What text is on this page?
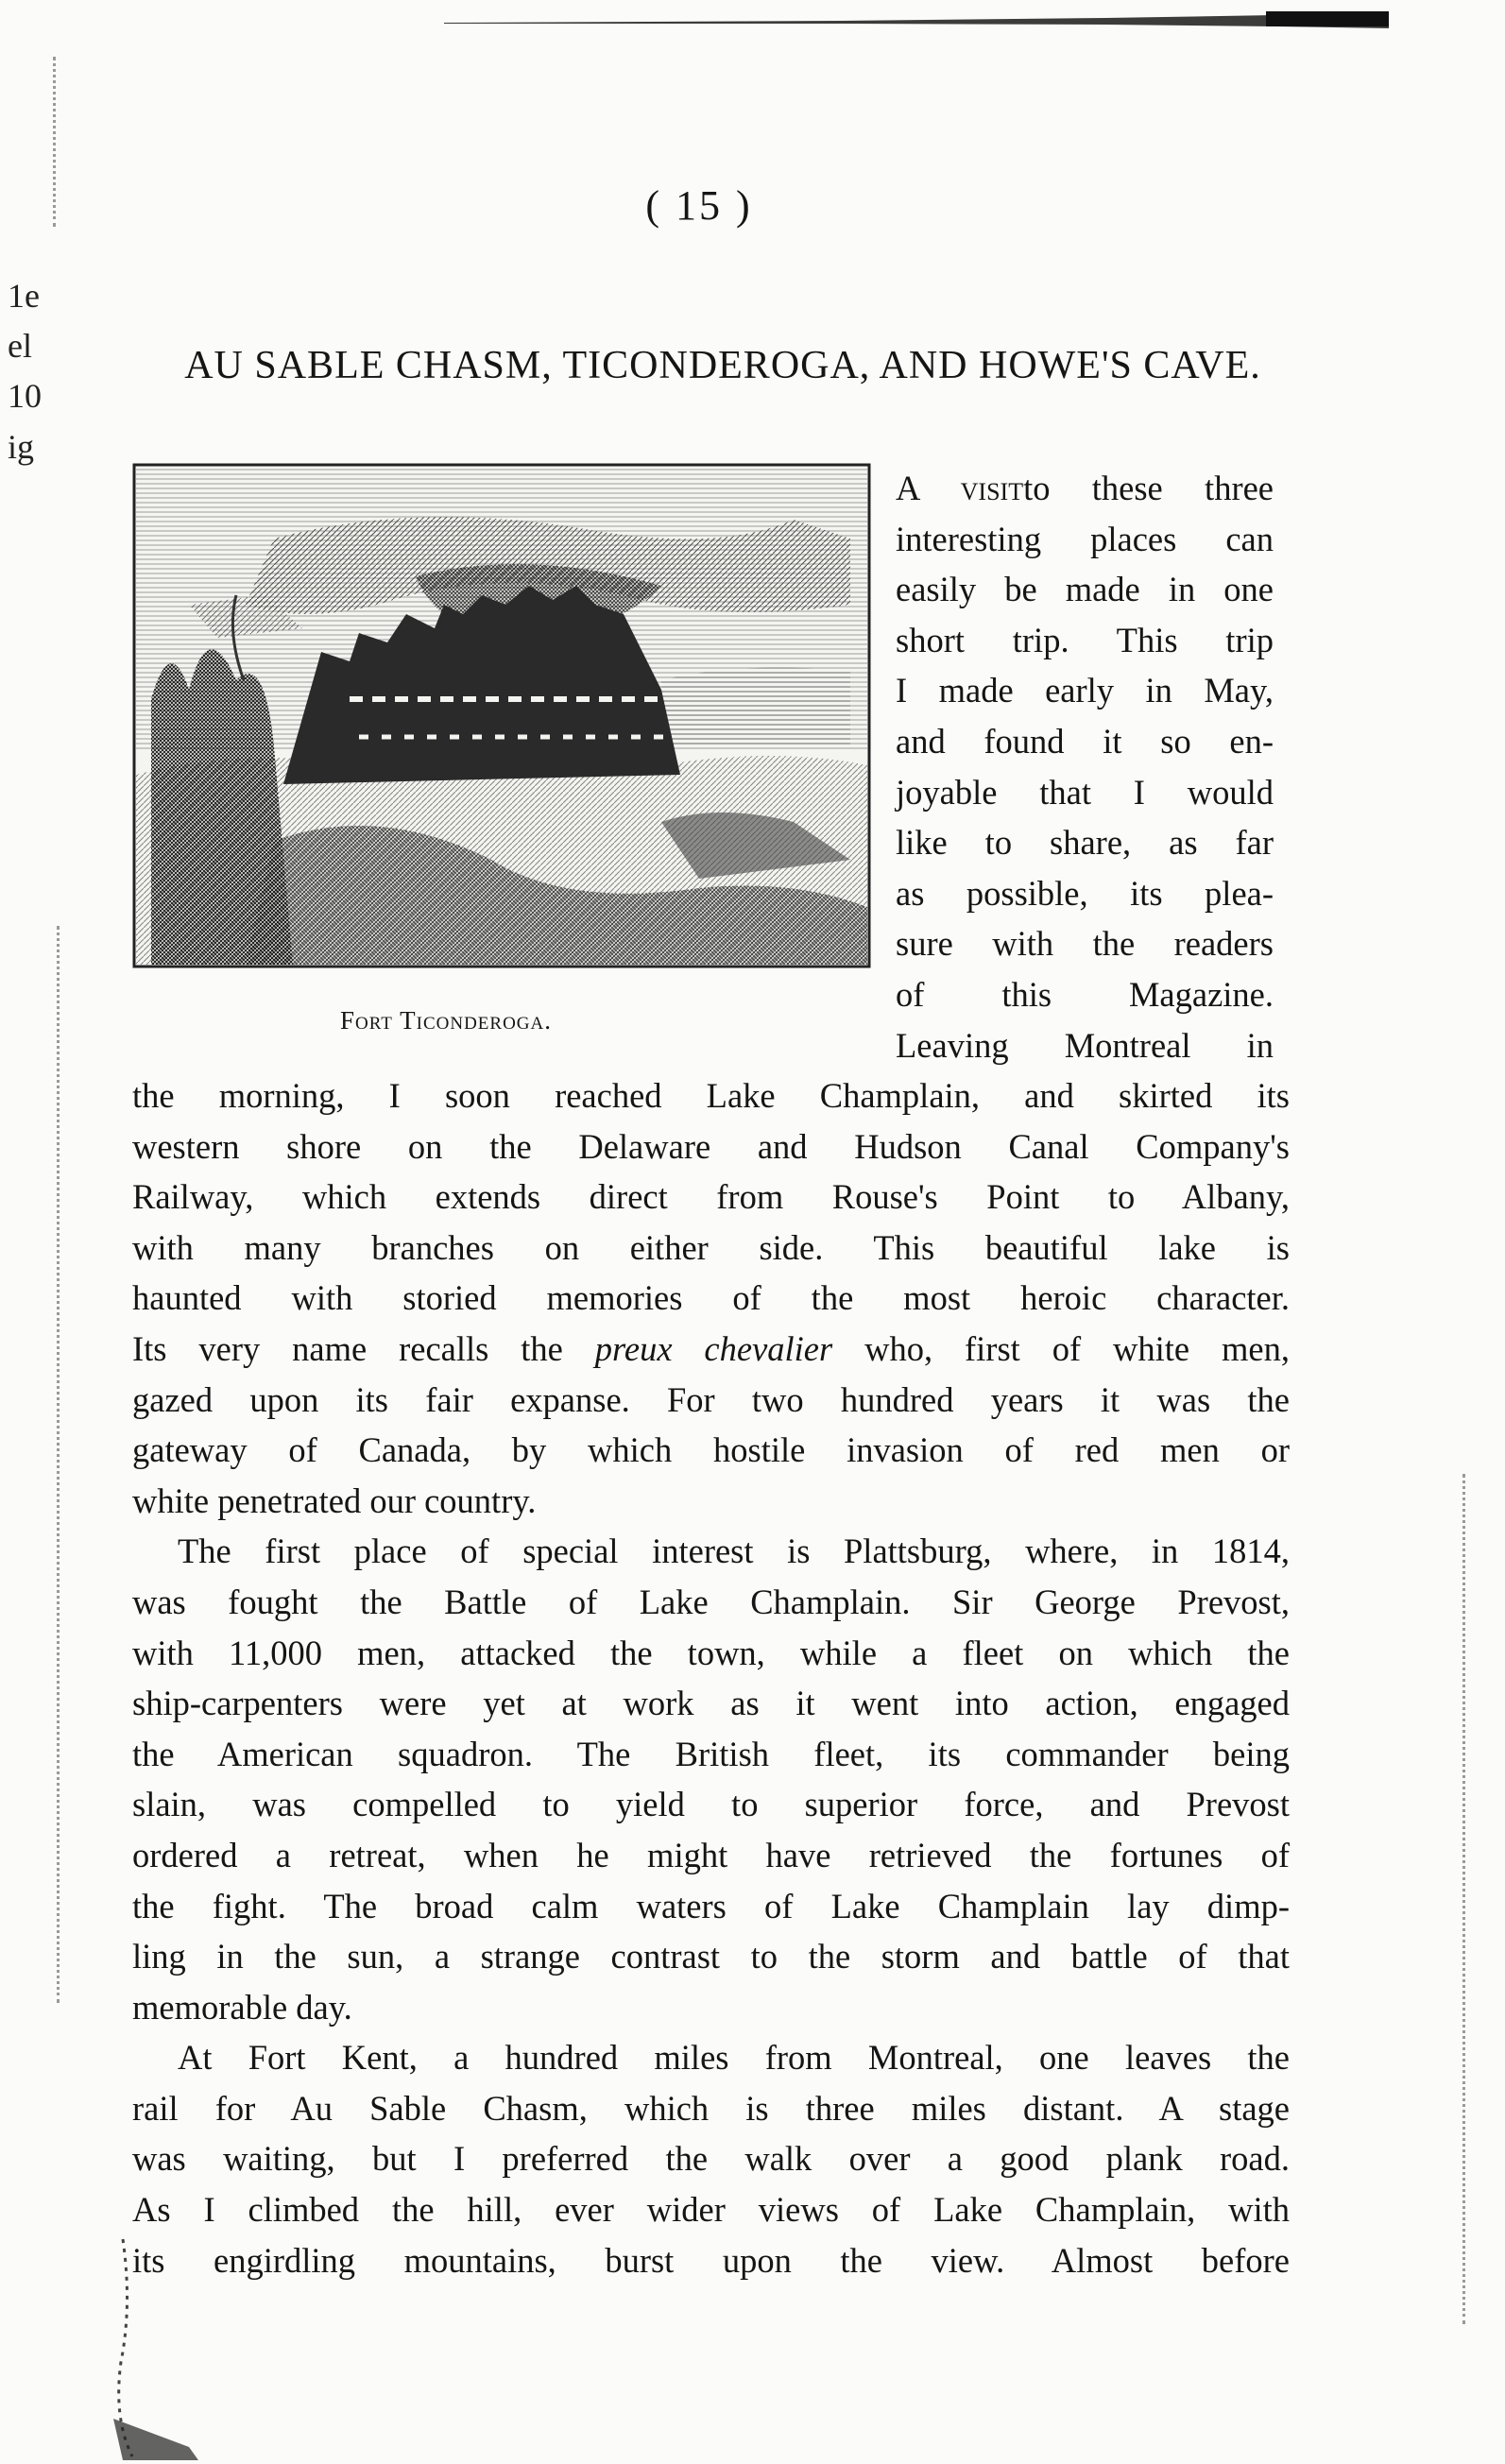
1e
el
10
ig
( 15 )
AU SABLE CHASM, TICONDEROGA, AND HOWE'S CAVE.
Fort Ticonderoga.
A visitto these three
interesting places can
easily be made in one
short trip. This trip
I made early in May,
and found it so en-
joyable that I would
like to share, as far
as possible, its plea-
sure with the readers
of this Magazine.
Leaving Montreal in
the morning, I soon reached Lake Champlain, and skirted its
western shore on the Delaware and Hudson Canal Company's
Railway, which extends direct from Rouse's Point to Albany,
with many branches on either side. This beautiful lake is
haunted with storied memories of the most heroic character.
Its very name recalls the preux chevalier who, first of white men,
gazed upon its fair expanse. For two hundred years it was the
gateway of Canada, by which hostile invasion of red men or
white penetrated our country.
The first place of special interest is Plattsburg, where, in 1814,
was fought the Battle of Lake Champlain. Sir George Prevost,
with 11,000 men, attacked the town, while a fleet on which the
ship-carpenters were yet at work as it went into action, engaged
the American squadron. The British fleet, its commander being
slain, was compelled to yield to superior force, and Prevost
ordered a retreat, when he might have retrieved the fortunes of
the fight. The broad calm waters of Lake Champlain lay dimp-
ling in the sun, a strange contrast to the storm and battle of that
memorable day.
At Fort Kent, a hundred miles from Montreal, one leaves the
rail for Au Sable Chasm, which is three miles distant. A stage
was waiting, but I preferred the walk over a good plank road.
As I climbed the hill, ever wider views of Lake Champlain, with
its engirdling mountains, burst upon the view. Almost before
